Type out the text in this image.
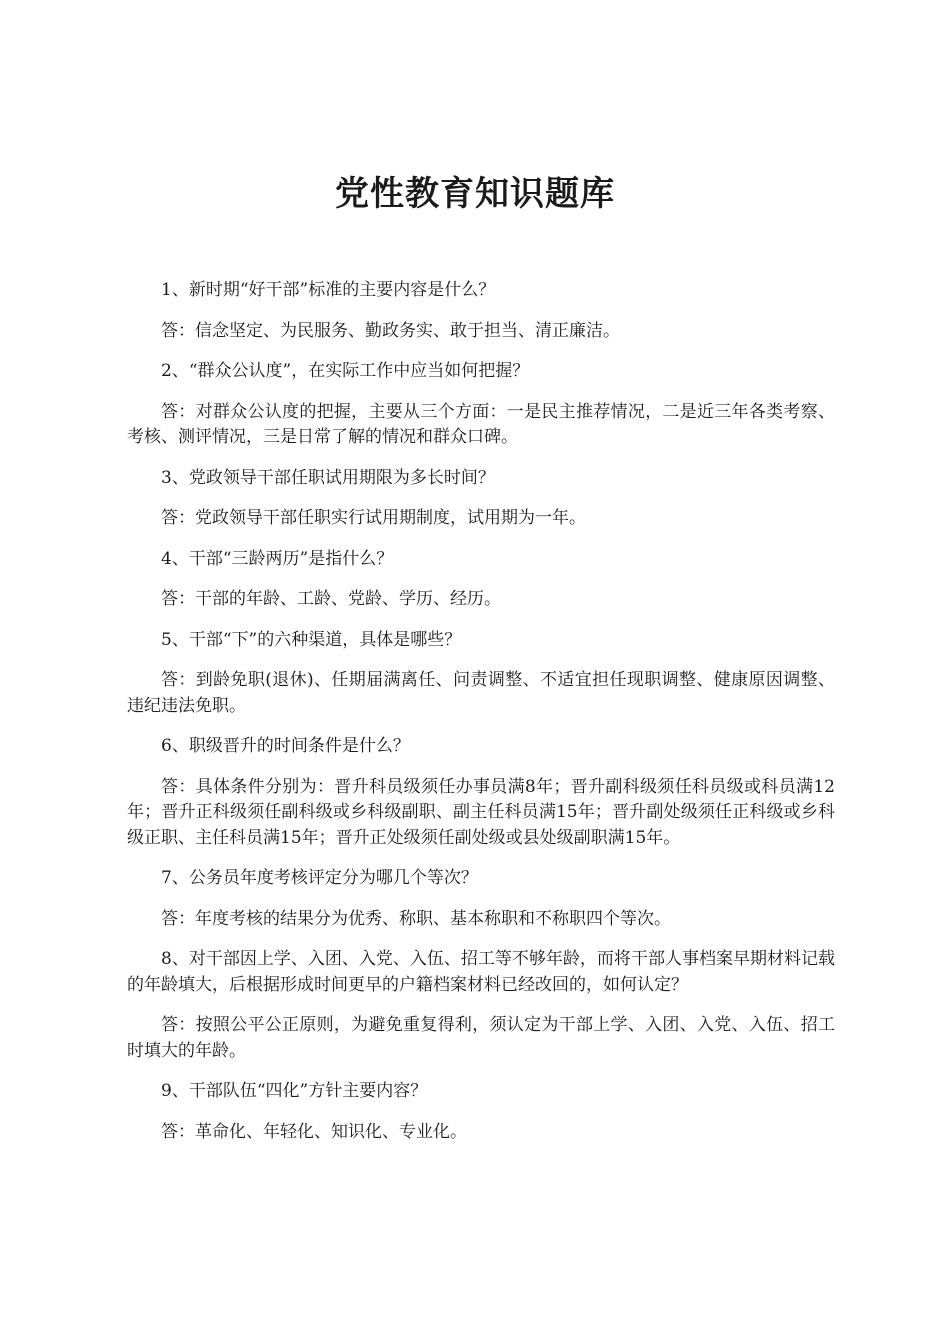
党性教育知识题库

1、新时期“好干部”标准的主要内容是什么？

答：信念坚定、为民服务、勤政务实、敢于担当、清正廉洁。

2、“群众公认度”，在实际工作中应当如何把握？

答：对群众公认度的把握，主要从三个方面：一是民主推荐情况，二是近三年各类考察、考核、测评情况，三是日常了解的情况和群众口碑。

3、党政领导干部任职试用期限为多长时间？

答：党政领导干部任职实行试用期制度，试用期为一年。

4、干部“三龄两历”是指什么？

答：干部的年龄、工龄、党龄、学历、经历。

5、干部“下”的六种渠道，具体是哪些？

答：到龄免职(退休)、任期届满离任、问责调整、不适宜担任现职调整、健康原因调整、违纪违法免职。

6、职级晋升的时间条件是什么？

答：具体条件分别为：晋升科员级须任办事员满8年；晋升副科级须任科员级或科员满12年；晋升正科级须任副科级或乡科级副职、副主任科员满15年；晋升副处级须任正科级或乡科级正职、主任科员满15年；晋升正处级须任副处级或县处级副职满15年。

7、公务员年度考核评定分为哪几个等次？

答：年度考核的结果分为优秀、称职、基本称职和不称职四个等次。

8、对干部因上学、入团、入党、入伍、招工等不够年龄，而将干部人事档案早期材料记载的年龄填大，后根据形成时间更早的户籍档案材料已经改回的，如何认定？

答：按照公平公正原则，为避免重复得利，须认定为干部上学、入团、入党、入伍、招工时填大的年龄。

9、干部队伍“四化”方针主要内容？

答：革命化、年轻化、知识化、专业化。
